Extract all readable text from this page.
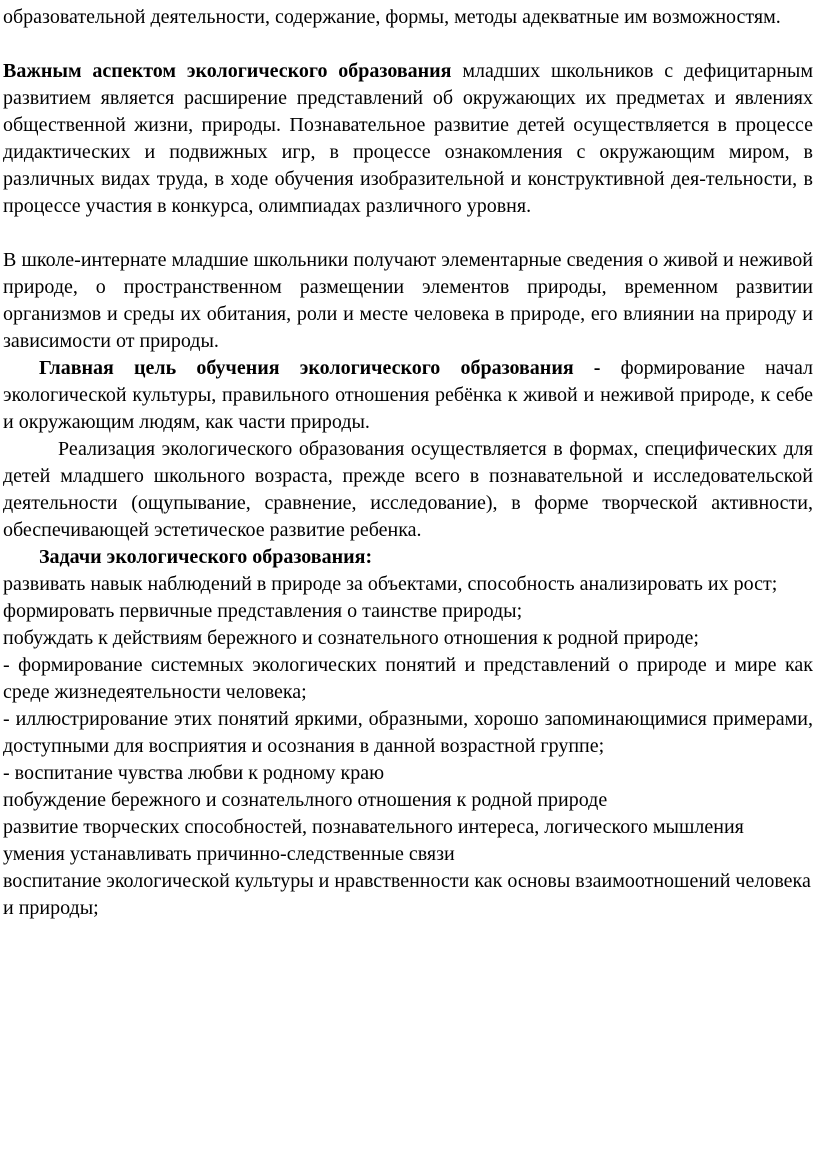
образовательной деятельности, содержание, формы, методы адекватные им возможностям.

Важным аспектом экологического образования младших школьников с дефицитарным развитием является расширение представлений об окружающих их предметах и явлениях общественной жизни, природы. Познавательное развитие детей осуществляется в процессе дидактических и подвижных игр, в процессе ознакомления с окружающим миром, в различных видах труда, в ходе обучения изобразительной и конструктивной дея-тельности, в процессе участия в конкурса, олимпиадах различного уровня.

В школе-интернате младшие школьники получают элементарные сведения о живой и неживой природе, о пространственном размещении элементов природы, временном развитии организмов и среды их обитания, роли и месте человека в природе, его влиянии на природу и зависимости от природы.

Главная цель обучения экологического образования - формирование начал экологической культуры, правильного отношения ребёнка к живой и неживой природе, к себе и окружающим людям, как части природы.

Реализация экологического образования осуществляется в формах, специфических для детей младшего школьного возраста, прежде всего в познавательной и исследовательской деятельности (ощупывание, сравнение, исследование), в форме творческой активности, обеспечивающей эстетическое развитие ребенка.

Задачи экологического образования:

развивать навык наблюдений в природе за объектами, способность анализировать их рост;

формировать первичные представления о таинстве природы;

побуждать к действиям бережного и сознательного отношения к родной природе;

- формирование системных экологических понятий и представлений о природе и мире как среде жизнедеятельности человека;

- иллюстрирование этих понятий яркими, образными, хорошо запоминающимися примерами, доступными для восприятия и осознания в данной возрастной группе;

- воспитание чувства любви к родному краю

побуждение бережного и сознательлного отношения к родной природе

развитие творческих способностей, познавательного интереса, логического мышления

умения устанавливать причинно-следственные связи

воспитание экологической культуры и нравственности как основы взаимоотношений человека и природы;
